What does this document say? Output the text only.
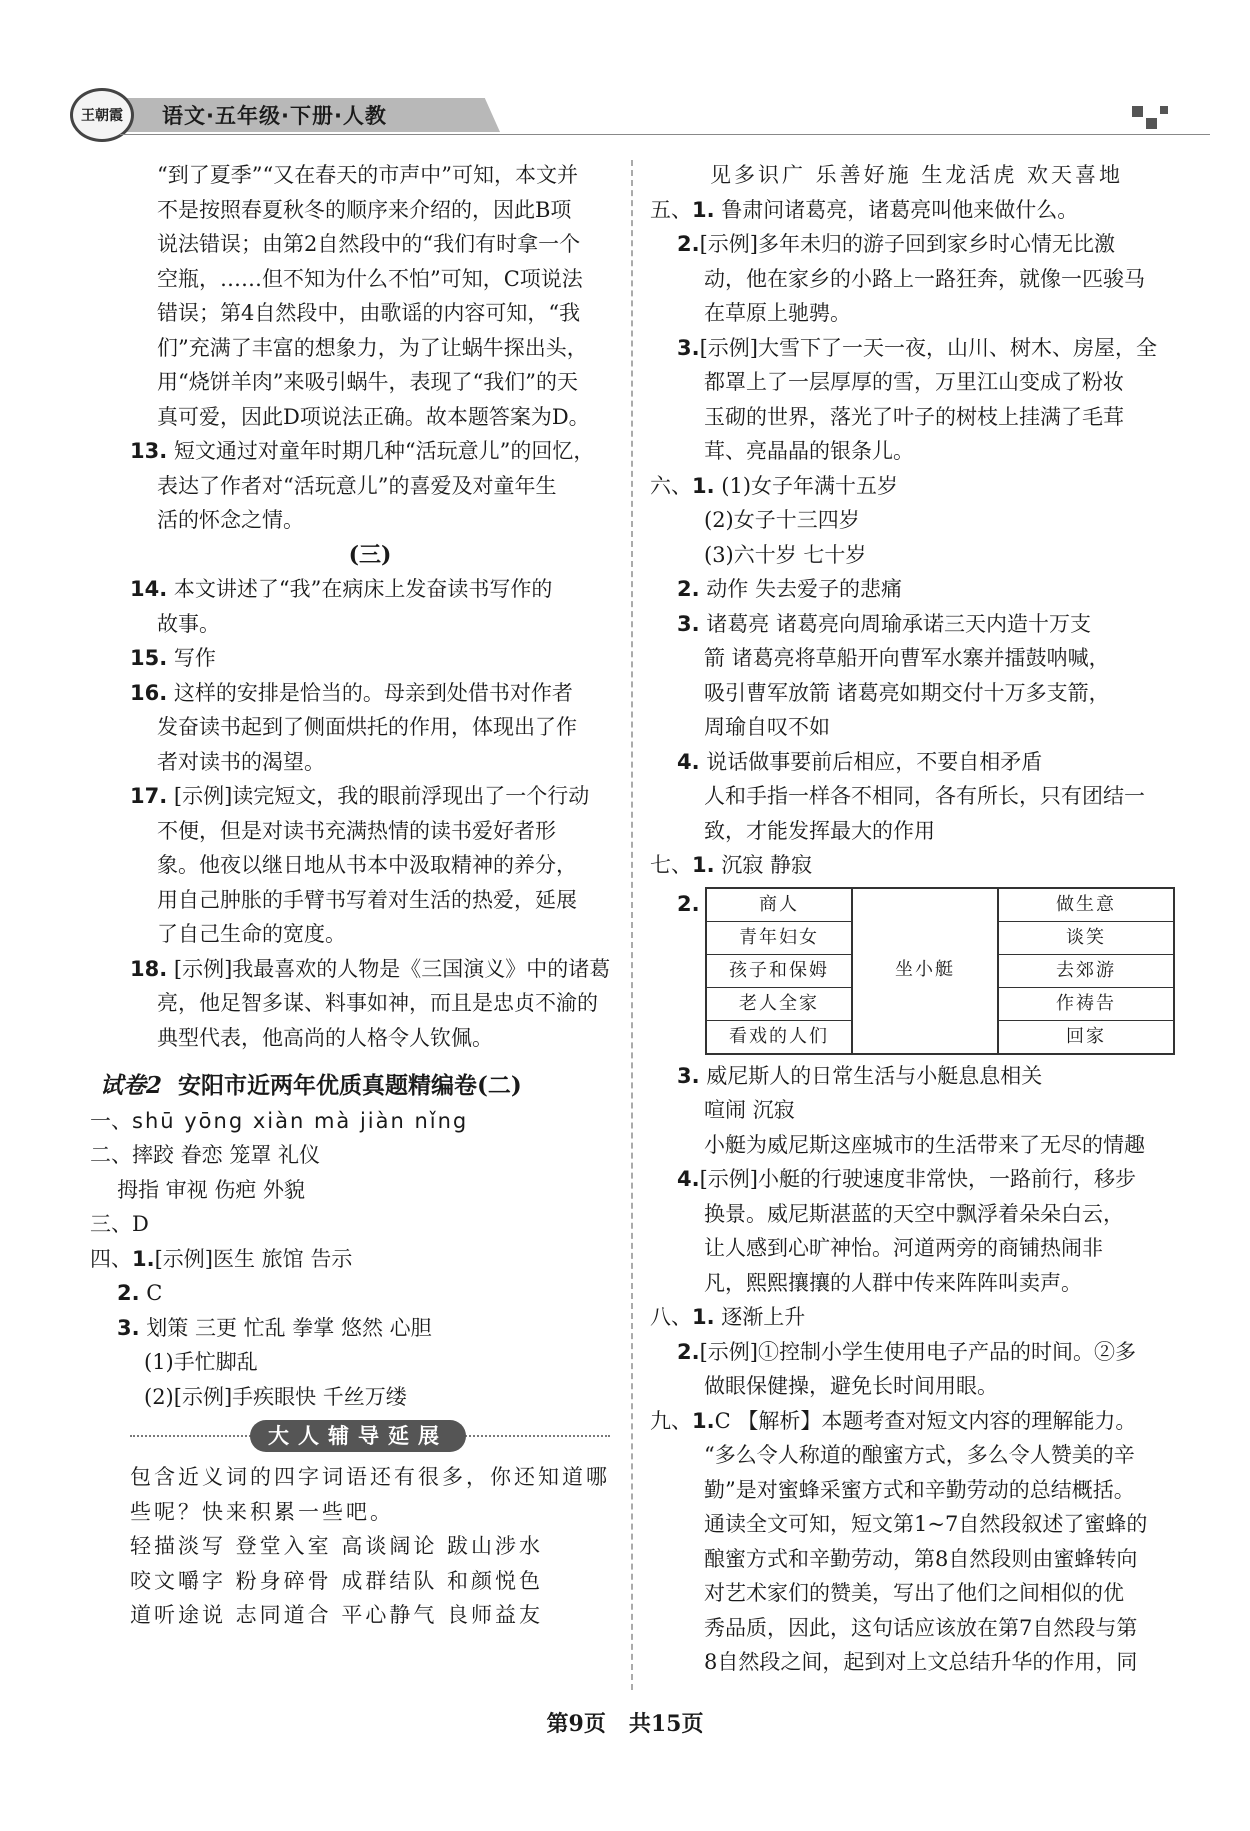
王朝霞	语文·五年级·下册·人教
“到了夏季”“又在春天的市声中”可知，本文并
不是按照春夏秋冬的顺序来介绍的，因此B项
说法错误；由第2自然段中的“我们有时拿一个
空瓶，……但不知为什么不怕”可知，C项说法
错误；第4自然段中，由歌谣的内容可知，“我
们”充满了丰富的想象力，为了让蜗牛探出头，
用“烧饼羊肉”来吸引蜗牛，表现了“我们”的天
真可爱，因此D项说法正确。故本题答案为D。
13. 短文通过对童年时期几种“活玩意儿”的回忆，
表达了作者对“活玩意儿”的喜爱及对童年生
活的怀念之情。
(三)
14. 本文讲述了“我”在病床上发奋读书写作的
故事。
15. 写作
16. 这样的安排是恰当的。母亲到处借书对作者
发奋读书起到了侧面烘托的作用，体现出了作
者对读书的渴望。
17. [示例]读完短文，我的眼前浮现出了一个行动
不便，但是对读书充满热情的读书爱好者形
象。他夜以继日地从书本中汲取精神的养分，
用自己肿胀的手臂书写着对生活的热爱，延展
了自己生命的宽度。
18. [示例]我最喜欢的人物是《三国演义》中的诸葛
亮，他足智多谋、料事如神，而且是忠贞不渝的
典型代表，他高尚的人格令人钦佩。
试卷2 安阳市近两年优质真题精编卷(二)
一、shū yōng xiàn mà jiàn nǐng
二、摔跤 眷恋 笼罩 礼仪
拇指 审视 伤疤 外貌
三、D
四、1.[示例]医生 旅馆 告示
2. C
3. 划策 三更 忙乱 拳掌 悠然 心胆
(1)手忙脚乱
(2)[示例]手疾眼快 千丝万缕
大人辅导延展
包含近义词的四字词语还有很多，你还知道哪
些呢？快来积累一些吧。
轻描淡写 登堂入室 高谈阔论 跋山涉水
咬文嚼字 粉身碎骨 成群结队 和颜悦色
道听途说 志同道合 平心静气 良师益友
见多识广 乐善好施 生龙活虎 欢天喜地
五、1. 鲁肃问诸葛亮，诸葛亮叫他来做什么。
2.[示例]多年未归的游子回到家乡时心情无比激
动，他在家乡的小路上一路狂奔，就像一匹骏马
在草原上驰骋。
3.[示例]大雪下了一天一夜，山川、树木、房屋，全
都罩上了一层厚厚的雪，万里江山变成了粉妆
玉砌的世界，落光了叶子的树枝上挂满了毛茸
茸、亮晶晶的银条儿。
六、1. (1)女子年满十五岁
(2)女子十三四岁
(3)六十岁 七十岁
2. 动作 失去爱子的悲痛
3. 诸葛亮 诸葛亮向周瑜承诺三天内造十万支
箭 诸葛亮将草船开向曹军水寨并擂鼓呐喊，
吸引曹军放箭 诸葛亮如期交付十万多支箭，
周瑜自叹不如
4. 说话做事要前后相应，不要自相矛盾
人和手指一样各不相同，各有所长，只有团结一
致，才能发挥最大的作用
七、1. 沉寂 静寂
2.	商人
青年妇女
孩子和保姆
老人全家
看戏的人们
坐小艇
做生意
谈笑
去郊游
作祷告
回家
3. 威尼斯人的日常生活与小艇息息相关
喧闹 沉寂
小艇为威尼斯这座城市的生活带来了无尽的情趣
4.[示例]小艇的行驶速度非常快，一路前行，移步
换景。威尼斯湛蓝的天空中飘浮着朵朵白云，
让人感到心旷神怡。河道两旁的商铺热闹非
凡，熙熙攘攘的人群中传来阵阵叫卖声。
八、1. 逐渐上升
2.[示例]①控制小学生使用电子产品的时间。②多
做眼保健操，避免长时间用眼。
九、1.C 【解析】本题考查对短文内容的理解能力。
“多么令人称道的酿蜜方式，多么令人赞美的辛
勤”是对蜜蜂采蜜方式和辛勤劳动的总结概括。
通读全文可知，短文第1~7自然段叙述了蜜蜂的
酿蜜方式和辛勤劳动，第8自然段则由蜜蜂转向
对艺术家们的赞美，写出了他们之间相似的优
秀品质，因此，这句话应该放在第7自然段与第
8自然段之间，起到对上文总结升华的作用，同
第9页 共15页
